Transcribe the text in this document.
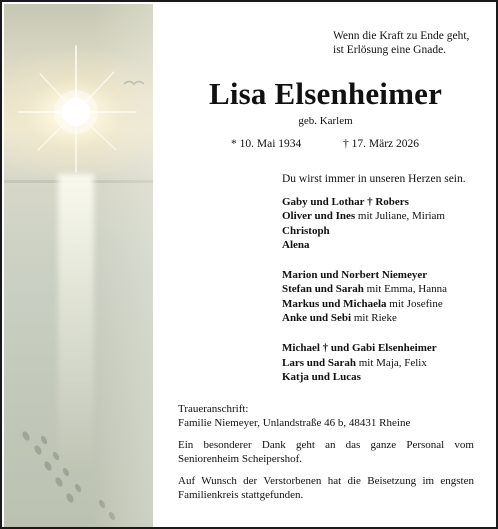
Wenn die Kraft zu Ende geht,
ist Erlösung eine Gnade.
Lisa Elsenheimer
geb. Karlem
* 10. Mai 1934	† 17. März 2026
Du wirst immer in unseren Herzen sein.
Gaby und Lothar † Robers
Oliver und Ines mit Juliane, Miriam
Christoph
Alena
Marion und Norbert Niemeyer
Stefan und Sarah mit Emma, Hanna
Markus und Michaela mit Josefine
Anke und Sebi mit Rieke
Michael † und Gabi Elsenheimer
Lars und Sarah mit Maja, Felix
Katja und Lucas

Traueranschrift:
Familie Niemeyer, Unlandstraße 46 b, 48431 Rheine

Ein besonderer Dank geht an das ganze Personal vom
Seniorenheim Scheipershof.

Auf Wunsch der Verstorbenen hat die Beisetzung im engsten
Familienkreis stattgefunden.
